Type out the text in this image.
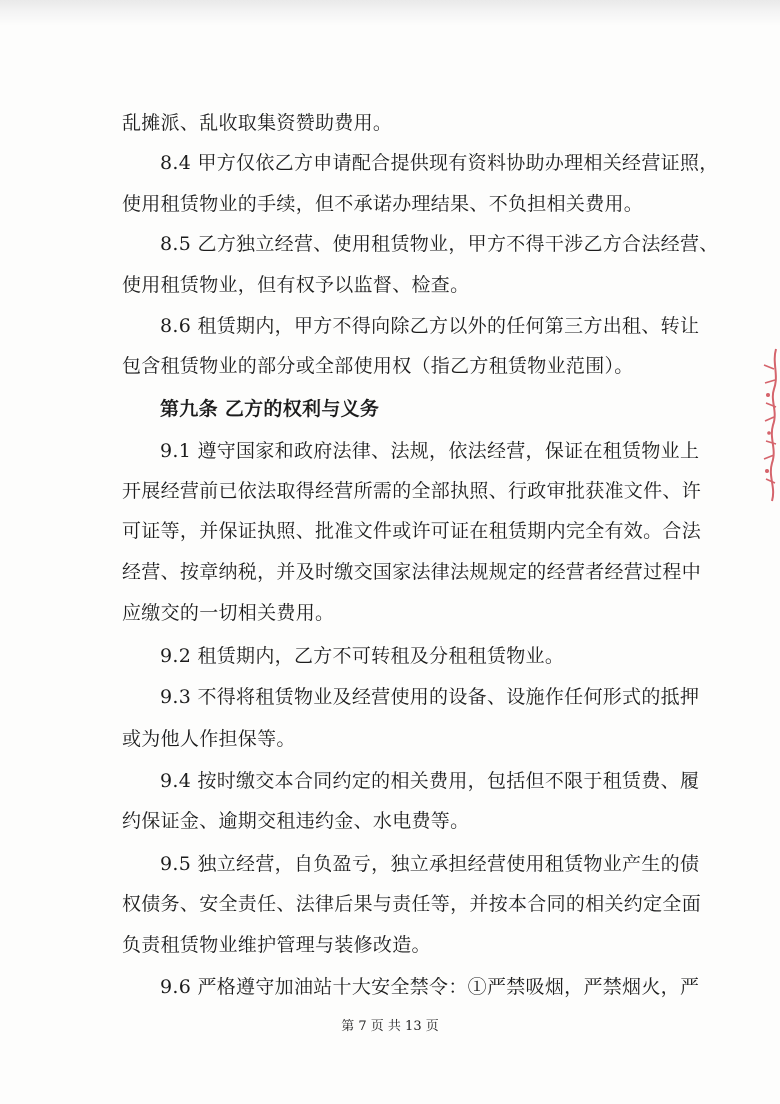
乱摊派、乱收取集资赞助费用。
8.4 甲方仅依乙方申请配合提供现有资料协助办理相关经营证照，
使用租赁物业的手续，但不承诺办理结果、不负担相关费用。
8.5 乙方独立经营、使用租赁物业，甲方不得干涉乙方合法经营、
使用租赁物业，但有权予以监督、检查。
8.6 租赁期内，甲方不得向除乙方以外的任何第三方出租、转让
包含租赁物业的部分或全部使用权（指乙方租赁物业范围）。
第九条 乙方的权利与义务
9.1 遵守国家和政府法律、法规，依法经营，保证在租赁物业上
开展经营前已依法取得经营所需的全部执照、行政审批获准文件、许
可证等，并保证执照、批准文件或许可证在租赁期内完全有效。合法
经营、按章纳税，并及时缴交国家法律法规规定的经营者经营过程中
应缴交的一切相关费用。
9.2 租赁期内，乙方不可转租及分租租赁物业。
9.3 不得将租赁物业及经营使用的设备、设施作任何形式的抵押
或为他人作担保等。
9.4 按时缴交本合同约定的相关费用，包括但不限于租赁费、履
约保证金、逾期交租违约金、水电费等。
9.5 独立经营，自负盈亏，独立承担经营使用租赁物业产生的债
权债务、安全责任、法律后果与责任等，并按本合同的相关约定全面
负责租赁物业维护管理与装修改造。
9.6 严格遵守加油站十大安全禁令：①严禁吸烟，严禁烟火，严
第 7 页 共 13 页
